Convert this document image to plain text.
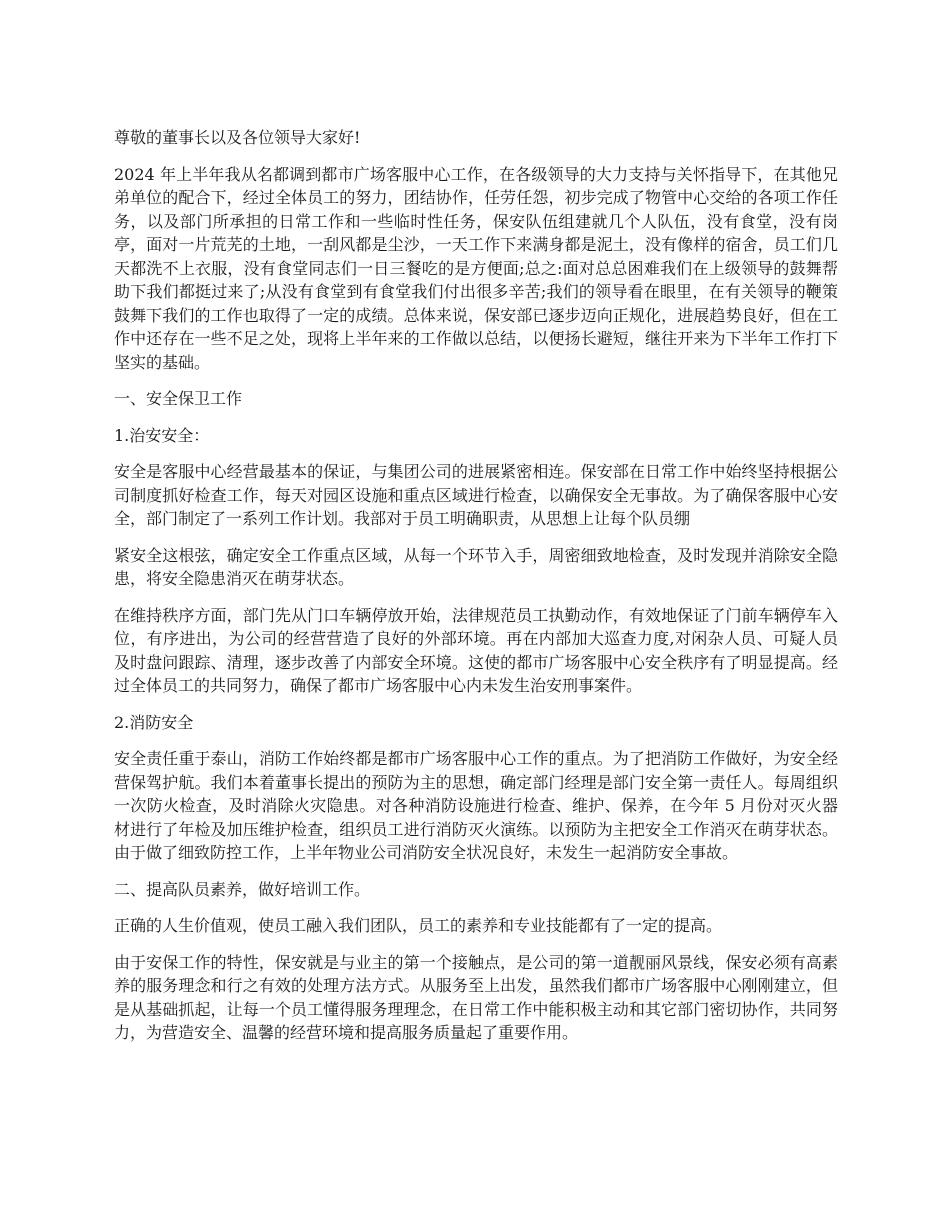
尊敬的董事长以及各位领导大家好!

2024 年上半年我从名都调到都市广场客服中心工作，在各级领导的大力支持与关怀指导下，在其他兄弟单位的配合下，经过全体员工的努力，团结协作，任劳任怨，初步完成了物管中心交给的各项工作任务，以及部门所承担的日常工作和一些临时性任务，保安队伍组建就几个人队伍，没有食堂，没有岗亭，面对一片荒芜的土地，一刮风都是尘沙，一天工作下来满身都是泥土，没有像样的宿舍，员工们几天都洗不上衣服，没有食堂同志们一日三餐吃的是方便面;总之:面对总总困难我们在上级领导的鼓舞帮助下我们都挺过来了;从没有食堂到有食堂我们付出很多辛苦;我们的领导看在眼里，在有关领导的鞭策鼓舞下我们的工作也取得了一定的成绩。总体来说，保安部已逐步迈向正规化，进展趋势良好，但在工作中还存在一些不足之处，现将上半年来的工作做以总结，以便扬长避短，继往开来为下半年工作打下坚实的基础。

一、安全保卫工作

1.治安安全：

安全是客服中心经营最基本的保证，与集团公司的进展紧密相连。保安部在日常工作中始终坚持根据公司制度抓好检查工作，每天对园区设施和重点区域进行检查，以确保安全无事故。为了确保客服中心安全，部门制定了一系列工作计划。我部对于员工明确职责，从思想上让每个队员绷

紧安全这根弦，确定安全工作重点区域，从每一个环节入手，周密细致地检查，及时发现并消除安全隐患，将安全隐患消灭在萌芽状态。

在维持秩序方面，部门先从门口车辆停放开始，法律规范员工执勤动作，有效地保证了门前车辆停车入位，有序进出，为公司的经营营造了良好的外部环境。再在内部加大巡查力度,对闲杂人员、可疑人员及时盘问跟踪、清理，逐步改善了内部安全环境。这使的都市广场客服中心安全秩序有了明显提高。经过全体员工的共同努力，确保了都市广场客服中心内未发生治安刑事案件。

2.消防安全

安全责任重于泰山，消防工作始终都是都市广场客服中心工作的重点。为了把消防工作做好，为安全经营保驾护航。我们本着董事长提出的预防为主的思想，确定部门经理是部门安全第一责任人。每周组织一次防火检查，及时消除火灾隐患。对各种消防设施进行检查、维护、保养，在今年 5 月份对灭火器材进行了年检及加压维护检查，组织员工进行消防灭火演练。以预防为主把安全工作消灭在萌芽状态。由于做了细致防控工作，上半年物业公司消防安全状况良好，未发生一起消防安全事故。

二、提高队员素养，做好培训工作。

正确的人生价值观，使员工融入我们团队，员工的素养和专业技能都有了一定的提高。

由于安保工作的特性，保安就是与业主的第一个接触点，是公司的第一道靓丽风景线，保安必须有高素养的服务理念和行之有效的处理方法方式。从服务至上出发，虽然我们都市广场客服中心刚刚建立，但是从基础抓起，让每一个员工懂得服务理理念，在日常工作中能积极主动和其它部门密切协作，共同努力，为营造安全、温馨的经营环境和提高服务质量起了重要作用。
